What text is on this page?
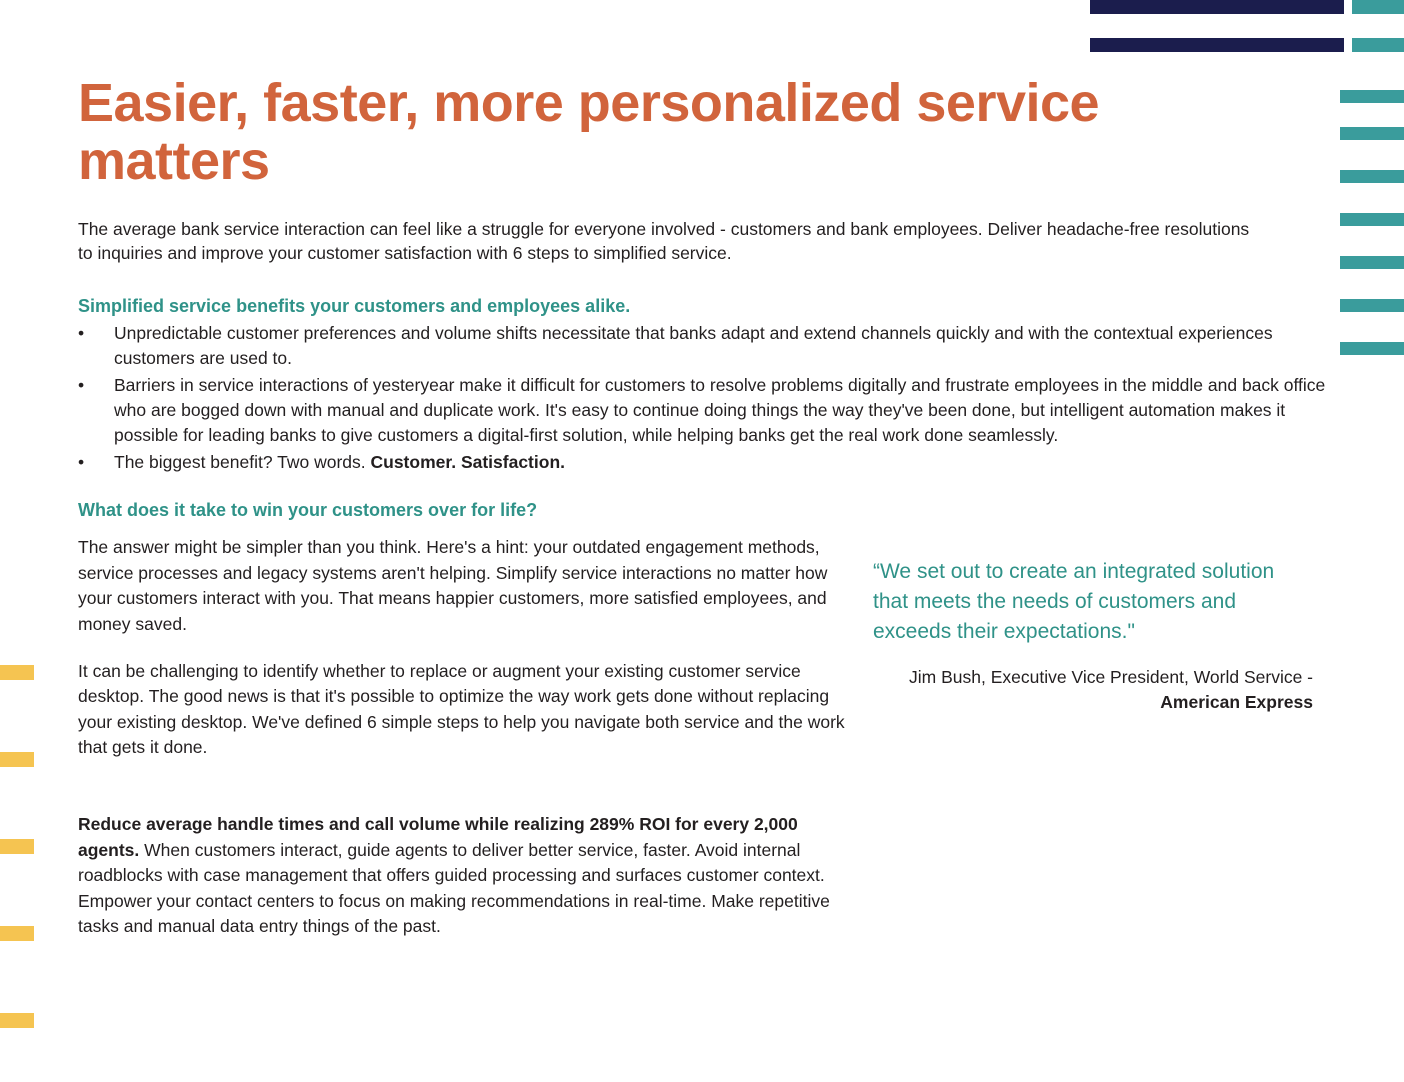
Easier, faster, more personalized service matters

The average bank service interaction can feel like a struggle for everyone involved - customers and bank employees. Deliver headache-free resolutions to inquiries and improve your customer satisfaction with 6 steps to simplified service.

Simplified service benefits your customers and employees alike.
• Unpredictable customer preferences and volume shifts necessitate that banks adapt and extend channels quickly and with the contextual experiences customers are used to.
• Barriers in service interactions of yesteryear make it difficult for customers to resolve problems digitally and frustrate employees in the middle and back office who are bogged down with manual and duplicate work. It's easy to continue doing things the way they've been done, but intelligent automation makes it possible for leading banks to give customers a digital-first solution, while helping banks get the real work done seamlessly.
• The biggest benefit? Two words. Customer. Satisfaction.
What does it take to win your customers over for life?

The answer might be simpler than you think. Here's a hint: your outdated engagement methods, service processes and legacy systems aren't helping. Simplify service interactions no matter how your customers interact with you. That means happier customers, more satisfied employees, and money saved.

It can be challenging to identify whether to replace or augment your existing customer service desktop. The good news is that it's possible to optimize the way work gets done without replacing your existing desktop. We've defined 6 simple steps to help you navigate both service and the work that gets it done.

Reduce average handle times and call volume while realizing 289% ROI for every 2,000 agents. When customers interact, guide agents to deliver better service, faster. Avoid internal roadblocks with case management that offers guided processing and surfaces customer context. Empower your contact centers to focus on making recommendations in real-time. Make repetitive tasks and manual data entry things of the past.

“We set out to create an integrated solution that meets the needs of customers and exceeds their expectations."

Jim Bush, Executive Vice President, World Service - American Express
